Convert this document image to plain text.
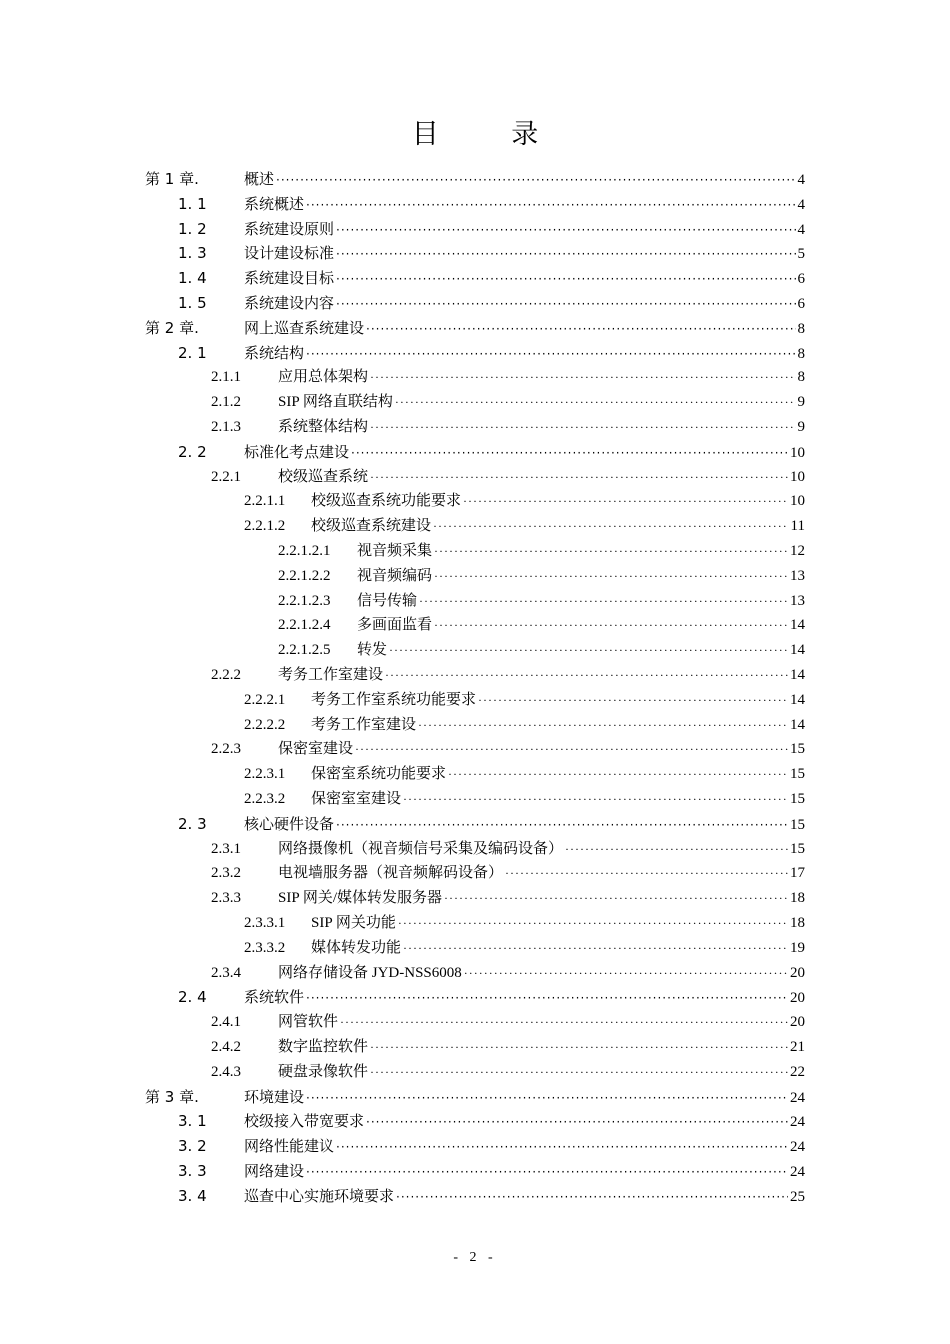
目 录
第 1 章.	概述 ·····	4
1. 1 系统概述 ·····	4
1. 2 系统建设原则 ·····	4
1. 3 设计建设标准 ·····	5
1. 4 系统建设目标 ·····	6
1. 5 系统建设内容 ·····	6
第 2 章.	网上巡查系统建设 ·····	8
2. 1 系统结构 ·····	8
2.1.1 应用总体架构 ·····	8
2.1.2 SIP 网络直联结构 ·····	9
2.1.3 系统整体结构 ·····	9
2. 2 标准化考点建设 ·····	10
2.2.1 校级巡查系统 ·····	10
2.2.1.1 校级巡查系统功能要求 ·····	10
2.2.1.2 校级巡查系统建设 ·····	11
2.2.1.2.1 视音频采集 ·····	12
2.2.1.2.2 视音频编码 ·····	13
2.2.1.2.3 信号传输 ·····	13
2.2.1.2.4 多画面监看 ·····	14
2.2.1.2.5 转发 ·····	14
2.2.2 考务工作室建设 ·····	14
2.2.2.1 考务工作室系统功能要求 ·····	14
2.2.2.2 考务工作室建设 ·····	14
2.2.3 保密室建设 ·····	15
2.2.3.1 保密室系统功能要求 ·····	15
2.2.3.2 保密室室建设 ·····	15
2. 3 核心硬件设备 ·····	15
2.3.1 网络摄像机（视音频信号采集及编码设备） ·····	15
2.3.2 电视墙服务器（视音频解码设备） ·····	17
2.3.3 SIP 网关/媒体转发服务器 ·····	18
2.3.3.1 SIP 网关功能 ·····	18
2.3.3.2 媒体转发功能 ·····	19
2.3.4 网络存储设备 JYD-NSS6008 ·····	20
2. 4 系统软件 ·····	20
2.4.1 网管软件 ·····	20
2.4.2 数字监控软件 ·····	21
2.4.3 硬盘录像软件 ·····	22
第 3 章.	环境建设 ·····	24
3. 1 校级接入带宽要求 ·····	24
3. 2 网络性能建议 ·····	24
3. 3 网络建设 ·····	24
3. 4 巡查中心实施环境要求 ·····	25
- 2 -
